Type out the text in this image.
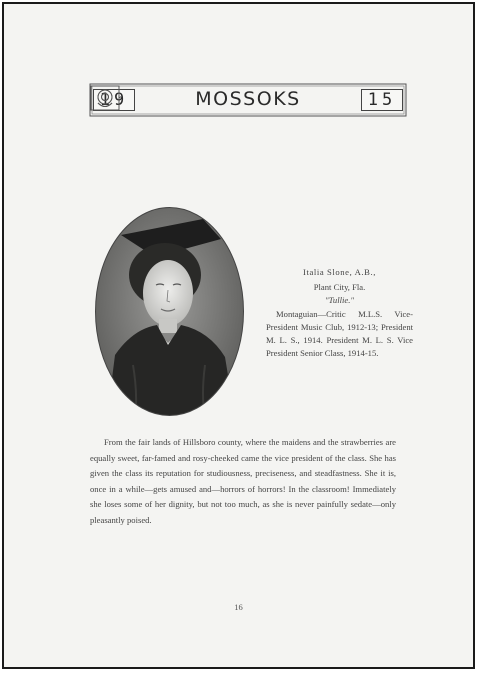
19	MOSSOKS	15
Italia Slone, A.B.,
Plant City, Fla.
"Tullie."
Montaguian—Critic M.L.S. Vice-President Music Club, 1912-13; President M. L. S., 1914. President M. L. S. Vice President Senior Class, 1914-15.
From the fair lands of Hillsboro county, where the maidens and the strawberries are equally sweet, far-famed and rosy-cheeked came the vice president of the class. She has given the class its reputation for studiousness, preciseness, and steadfastness. She it is, once in a while—gets amused and—horrors of horrors! In the classroom! Immediately she loses some of her dignity, but not too much, as she is never painfully sedate—only pleasantly poised.
16
